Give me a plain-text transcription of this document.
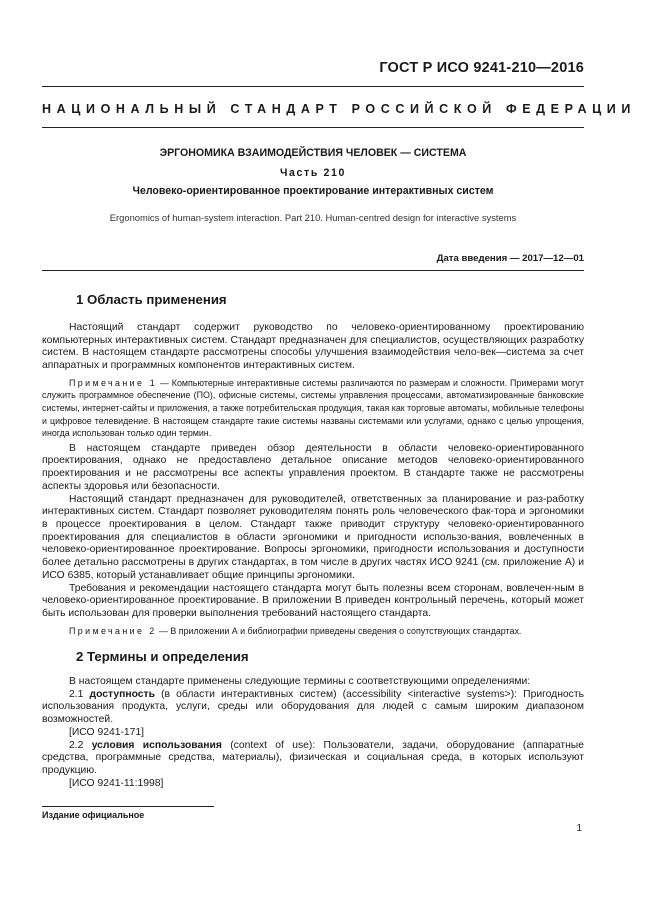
ГОСТ Р ИСО 9241-210—2016
НАЦИОНАЛЬНЫЙ СТАНДАРТ РОССИЙСКОЙ ФЕДЕРАЦИИ
ЭРГОНОМИКА ВЗАИМОДЕЙСТВИЯ ЧЕЛОВЕК — СИСТЕМА
Часть 210
Человеко-ориентированное проектирование интерактивных систем
Ergonomics of human-system interaction. Part 210. Human-centred design for interactive systems
Дата введения — 2017—12—01
1 Область применения

Настоящий стандарт содержит руководство по человеко-ориентированному проектированию компьютерных интерактивных систем. Стандарт предназначен для специалистов, осуществляющих разработку систем. В настоящем стандарте рассмотрены способы улучшения взаимодействия чело-век—система за счет аппаратных и программных компонентов интерактивных систем.

Примечание 1 — Компьютерные интерактивные системы различаются по размерам и сложности. Примерами могут служить программное обеспечение (ПО), офисные системы, системы управления процессами, автоматизированные банковские системы, интернет-сайты и приложения, а также потребительская продукция, такая как торговые автоматы, мобильные телефоны и цифровое телевидение. В настоящем стандарте такие системы названы системами или услугами, однако с целью упрощения, иногда использован только один термин.

В настоящем стандарте приведен обзор деятельности в области человеко-ориентированного проектирования, однако не предоставлено детальное описание методов человеко-ориентированного проектирования и не рассмотрены все аспекты управления проектом. В стандарте также не рассмотрены аспекты здоровья или безопасности.

Настоящий стандарт предназначен для руководителей, ответственных за планирование и раз-работку интерактивных систем. Стандарт позволяет руководителям понять роль человеческого фак-тора и эргономики в процессе проектирования в целом. Стандарт также приводит структуру человеко-ориентированного проектирования для специалистов в области эргономики и пригодности использо-вания, вовлеченных в человеко-ориентированное проектирование. Вопросы эргономики, пригодности использования и доступности более детально рассмотрены в других стандартах, в том числе в других частях ИСО 9241 (см. приложение А) и ИСО 6385, который устанавливает общие принципы эргономики.

Требования и рекомендации настоящего стандарта могут быть полезны всем сторонам, вовлечен-ным в человеко-ориентированное проектирование. В приложении В приведен контрольный перечень, который может быть использован для проверки выполнения требований настоящего стандарта.

Примечание 2 — В приложении А и библиографии приведены сведения о сопутствующих стандартах.

2 Термины и определения

В настоящем стандарте применены следующие термины с соответствующими определениями:

2.1 доступность (в области интерактивных систем) (accessibility <interactive systems>): Пригодность использования продукта, услуги, среды или оборудования для людей с самым широким диапазоном возможностей.

[ИСО 9241-171]

2.2 условия использования (context of use): Пользователи, задачи, оборудование (аппаратные средства, программные средства, материалы), физическая и социальная среда, в которых используют продукцию.

[ИСО 9241-11:1998]

Издание официальное
1
